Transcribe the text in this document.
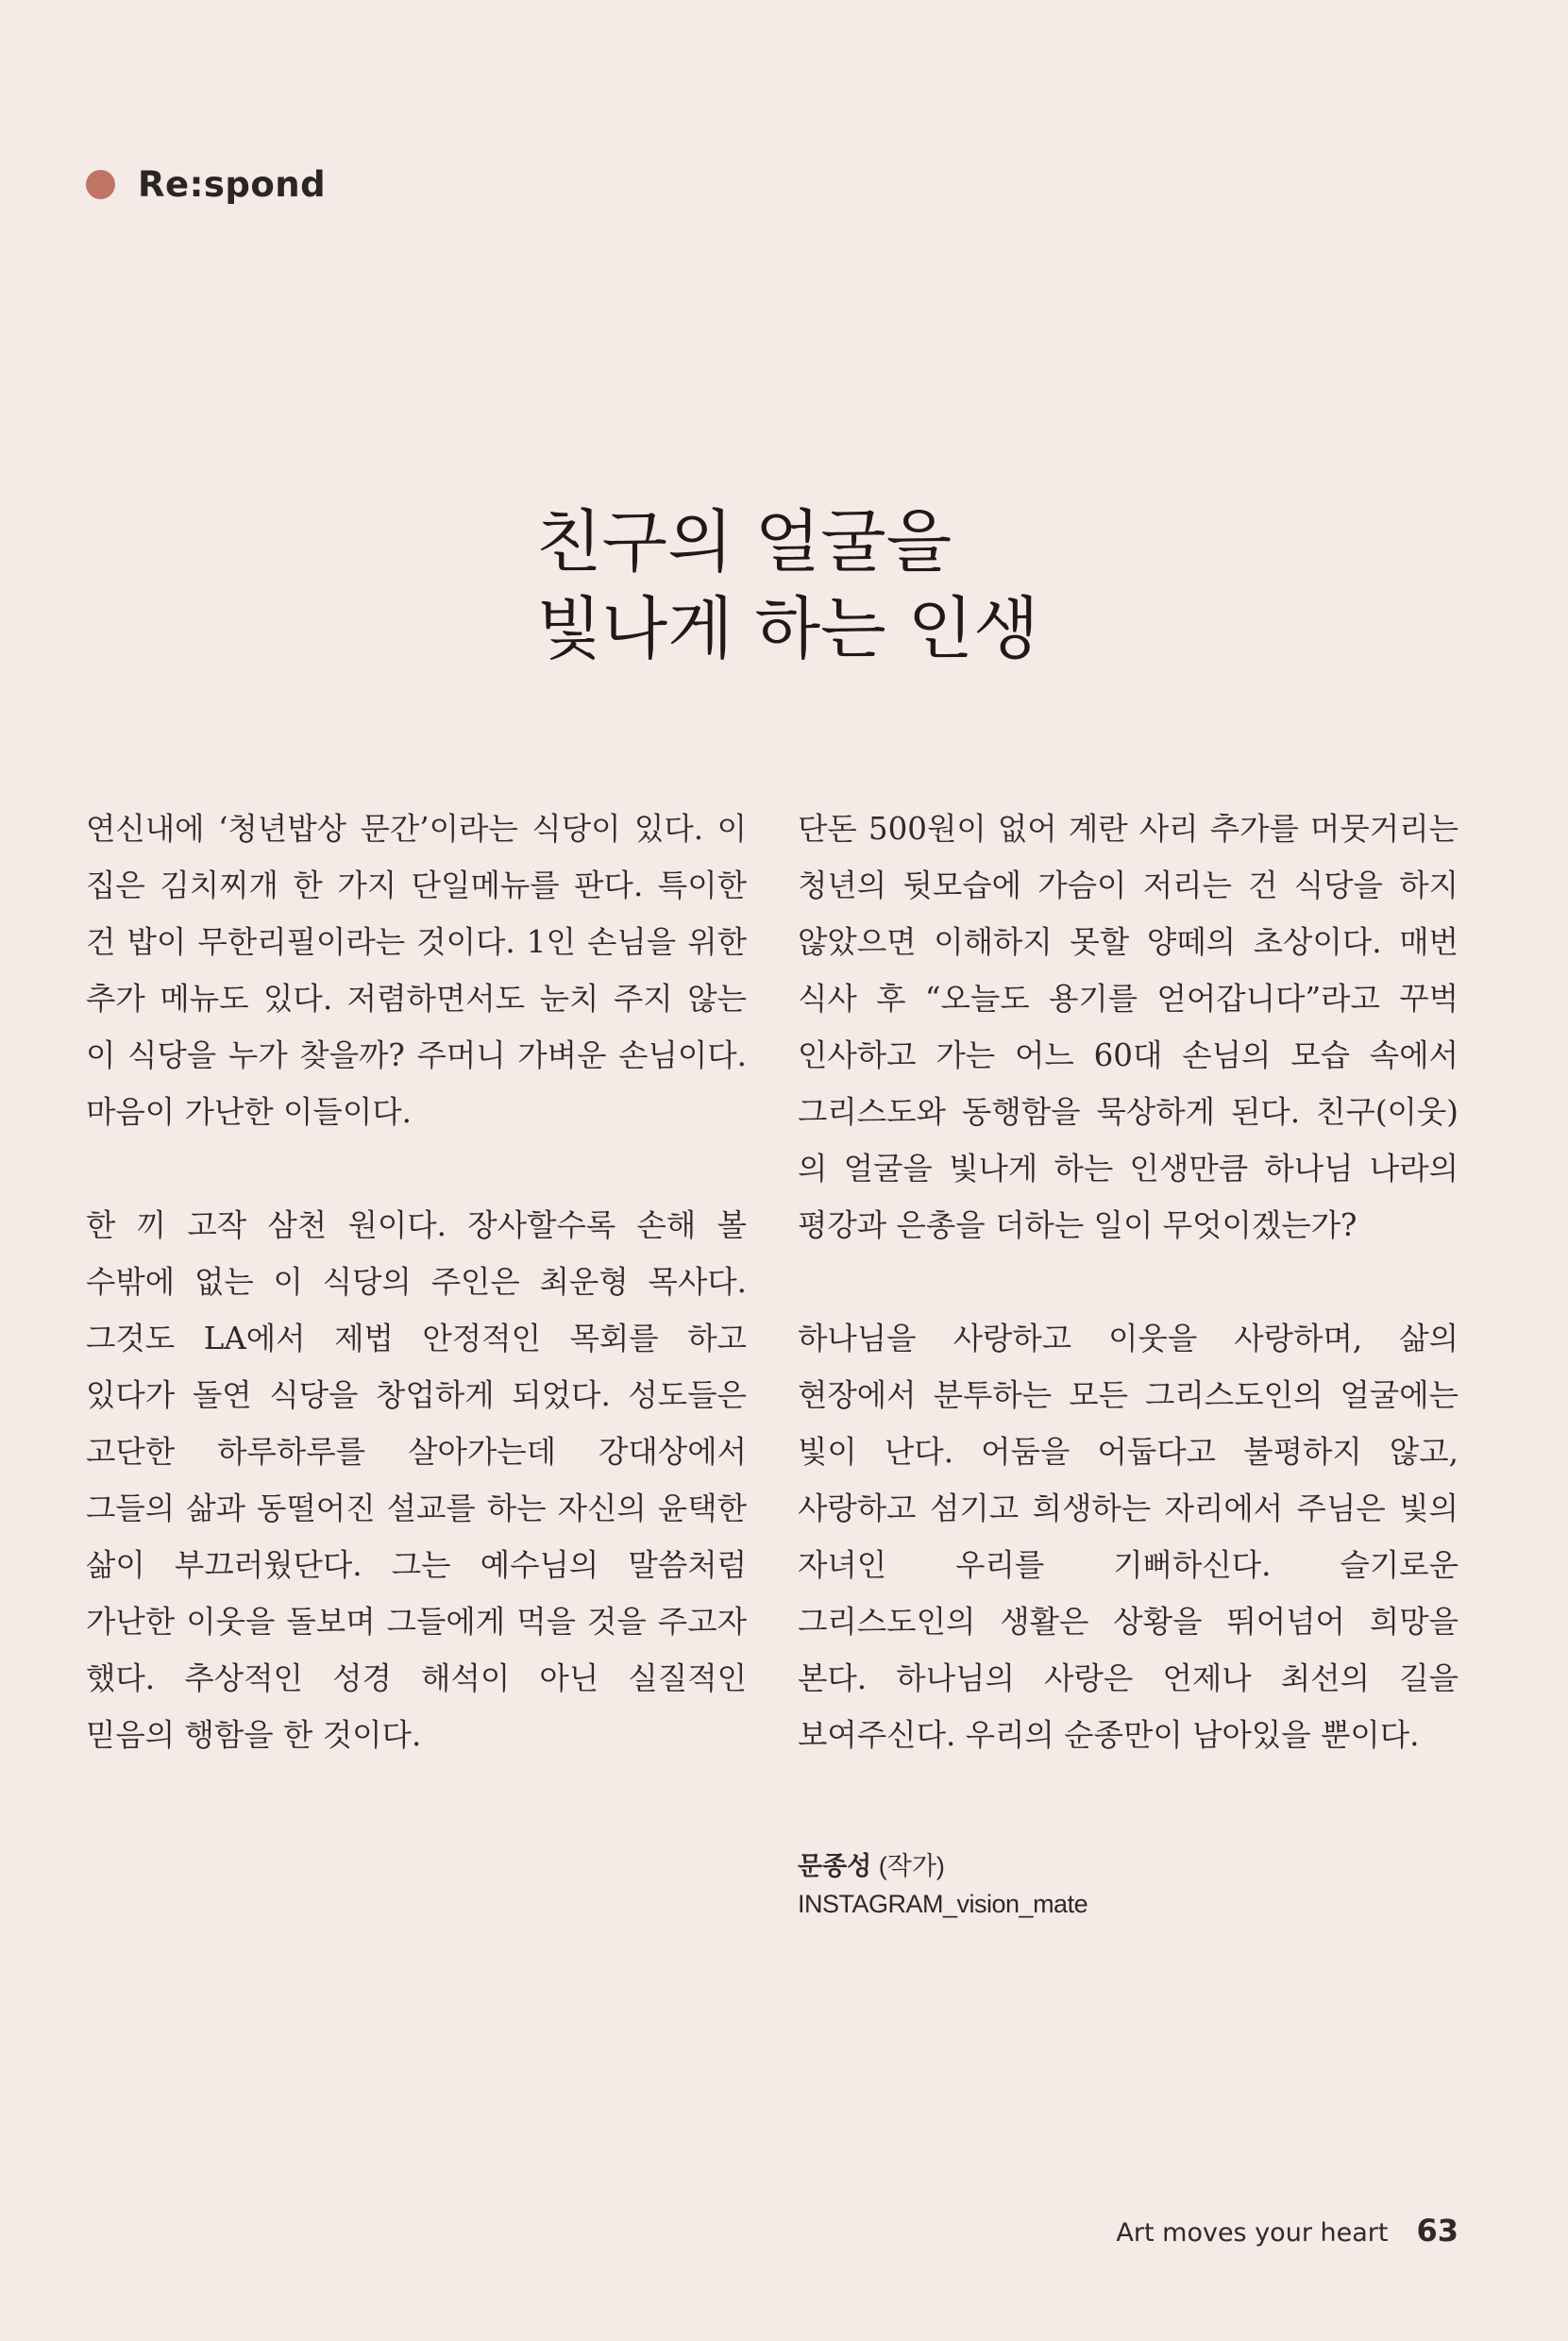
Re:spond
친구의 얼굴을
빛나게 하는 인생

연신내에 ‘청년밥상 문간’이라는 식당이 있다. 이 집은 김치찌개 한 가지 단일메뉴를 판다. 특이한 건 밥이 무한리필이라는 것이다. 1인 손님을 위한 추가 메뉴도 있다. 저렴하면서도 눈치 주지 않는 이 식당을 누가 찾을까? 주머니 가벼운 손님이다. 마음이 가난한 이들이다.

한 끼 고작 삼천 원이다. 장사할수록 손해 볼 수밖에 없는 이 식당의 주인은 최운형 목사다. 그것도 LA에서 제법 안정적인 목회를 하고 있다가 돌연 식당을 창업하게 되었다. 성도들은 고단한 하루하루를 살아가는데 강대상에서 그들의 삶과 동떨어진 설교를 하는 자신의 윤택한 삶이 부끄러웠단다. 그는 예수님의 말씀처럼 가난한 이웃을 돌보며 그들에게 먹을 것을 주고자 했다. 추상적인 성경 해석이 아닌 실질적인 믿음의 행함을 한 것이다.

단돈 500원이 없어 계란 사리 추가를 머뭇거리는 청년의 뒷모습에 가슴이 저리는 건 식당을 하지 않았으면 이해하지 못할 양떼의 초상이다. 매번 식사 후 “오늘도 용기를 얻어갑니다”라고 꾸벅 인사하고 가는 어느 60대 손님의 모습 속에서 그리스도와 동행함을 묵상하게 된다. 친구(이웃)의 얼굴을 빛나게 하는 인생만큼 하나님 나라의 평강과 은총을 더하는 일이 무엇이겠는가?

하나님을 사랑하고 이웃을 사랑하며, 삶의 현장에서 분투하는 모든 그리스도인의 얼굴에는 빛이 난다. 어둠을 어둡다고 불평하지 않고, 사랑하고 섬기고 희생하는 자리에서 주님은 빛의 자녀인 우리를 기뻐하신다. 슬기로운 그리스도인의 생활은 상황을 뛰어넘어 희망을 본다. 하나님의 사랑은 언제나 최선의 길을 보여주신다. 우리의 순종만이 남아있을 뿐이다.

문종성 (작가)
INSTAGRAM_vision_mate
Art moves your heart 63
